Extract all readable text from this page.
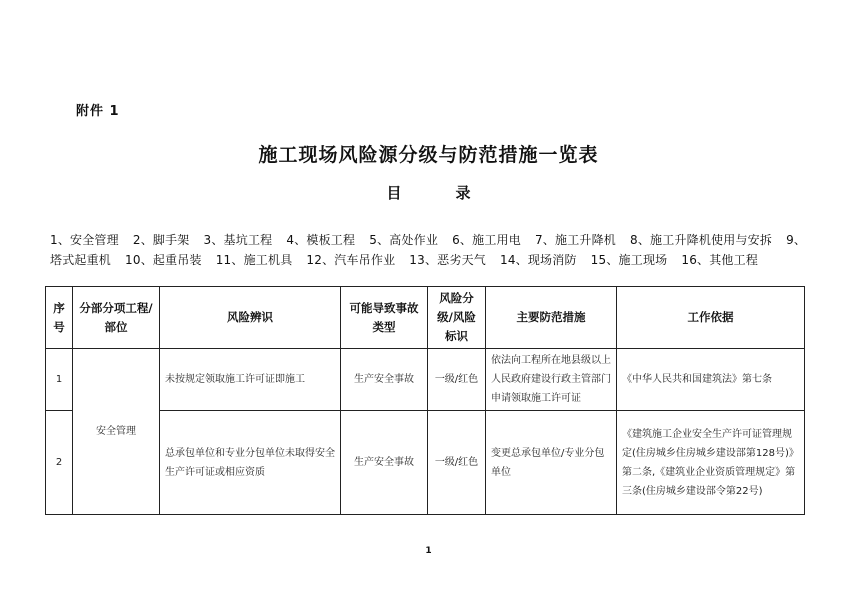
附件 1
施工现场风险源分级与防范措施一览表
目	录
1、安全管理 2、脚手架 3、基坑工程 4、模板工程 5、高处作业 6、施工用电 7、施工升降机 8、施工升降机使用与安拆 9、塔式起重机 10、起重吊装 11、施工机具 12、汽车吊作业 13、恶劣天气 14、现场消防 15、施工现场 16、其他工程
序号	分部分项工程/部位	风险辨识	可能导致事故类型	风险分级/风险标识	主要防范措施	工作依据
1	安全管理	未按规定领取施工许可证即施工	生产安全事故	一级/红色	依法向工程所在地县级以上人民政府建设行政主管部门申请领取施工许可证	《中华人民共和国建筑法》第七条
2		总承包单位和专业分包单位未取得安全生产许可证或相应资质	生产安全事故	一级/红色	变更总承包单位/专业分包单位	《建筑施工企业安全生产许可证管理规定(住房城乡住房城乡建设部第128号)》第二条,《建筑业企业资质管理规定》第三条(住房城乡建设部令第22号)
1
